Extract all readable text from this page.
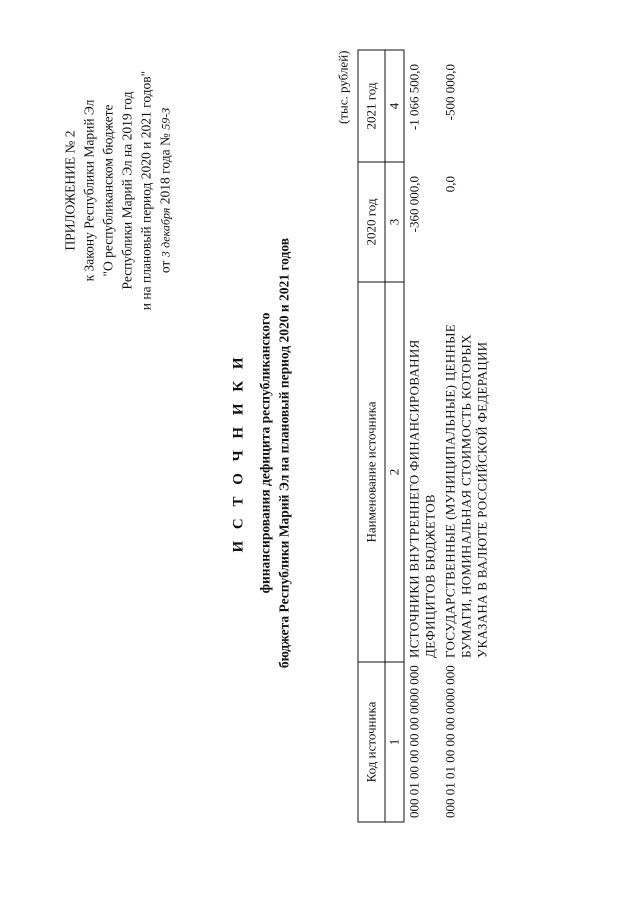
ПРИЛОЖЕНИЕ № 2 к Закону Республики Марий Эл "О республиканском бюджете Республики Марий Эл на 2019 год и на плановый период 2020 и 2021 годов" от 3 декабря 2018 года № 59-З
И С Т О Ч Н И К И финансирования дефицита республиканского бюджета Республики Марий Эл на плановый период 2020 и 2021 годов
(тыс. рублей)
Код источника	Наименование источника	2020 год	2021 год
1	2	3	4
000 01 00 00 00 00 0000 000	ИСТОЧНИКИ ВНУТРЕННЕГО ФИНАНСИРОВАНИЯ ДЕФИЦИТОВ БЮДЖЕТОВ	-360 000,0	-1 066 500,0
000 01 01 00 00 00 0000 000	ГОСУДАРСТВЕННЫЕ (МУНИЦИПАЛЬНЫЕ) ЦЕННЫЕ БУМАГИ, НОМИНАЛЬНАЯ СТОИМОСТЬ КОТОРЫХ УКАЗАНА В ВАЛЮТЕ РОССИЙСКОЙ ФЕДЕРАЦИИ	0,0	-500 000,0
